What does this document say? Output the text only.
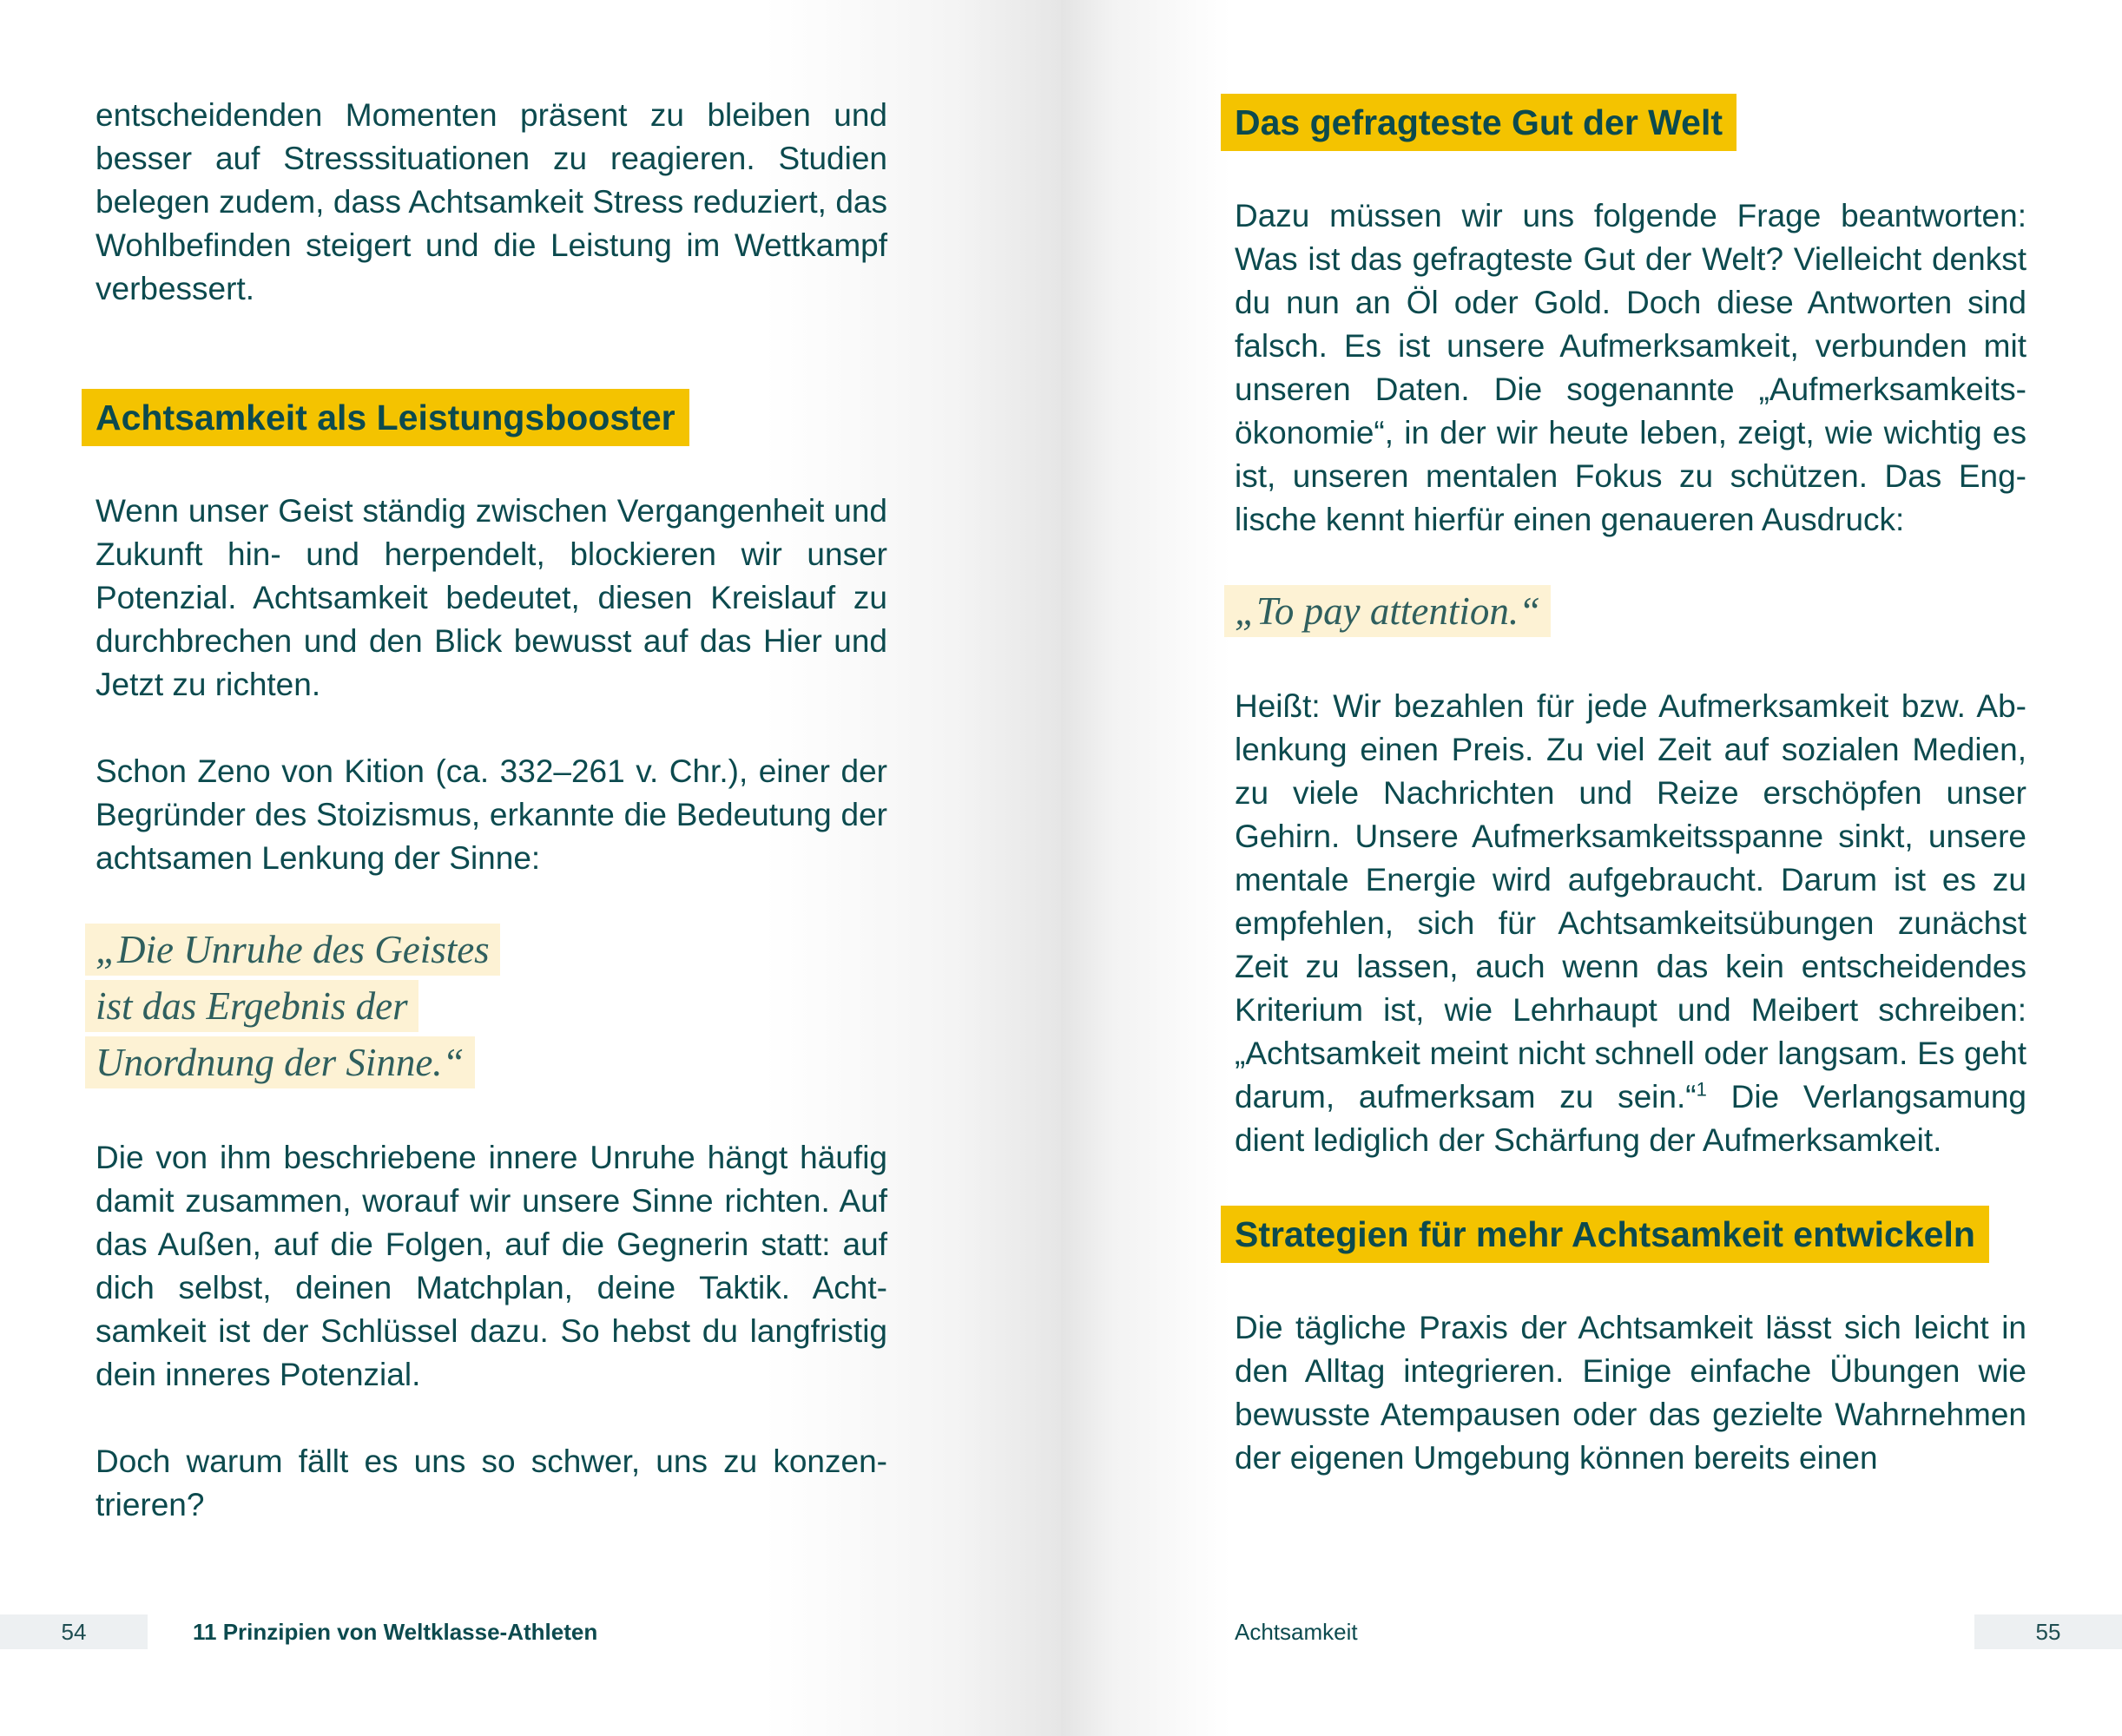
entscheidenden Momenten präsent zu bleiben und besser auf Stresssituationen zu reagieren. Studien belegen zudem, dass Achtsamkeit Stress reduziert, das Wohlbefinden steigert und die Leistung im Wettkampf verbessert.

Achtsamkeit als Leistungsbooster

Wenn unser Geist ständig zwischen Vergangenheit und Zukunft hin- und herpendelt, blockieren wir unser Potenzial. Achtsamkeit bedeutet, diesen Kreislauf zu durchbrechen und den Blick bewusst auf das Hier und Jetzt zu richten.

Schon Zeno von Kition (ca. 332–261 v. Chr.), einer der Begründer des Stoizismus, erkannte die Bedeutung der achtsamen Lenkung der Sinne:

„Die Unruhe des Geistes
ist das Ergebnis der
Unordnung der Sinne.“

Die von ihm beschriebene innere Unruhe hängt häufig damit zusammen, worauf wir unsere Sinne richten. Auf das Außen, auf die Folgen, auf die Gegnerin statt: auf dich selbst, deinen Matchplan, deine Taktik. Achtsamkeit ist der Schlüssel dazu. So hebst du langfristig dein inneres Potenzial.

Doch warum fällt es uns so schwer, uns zu konzentrieren?

54	11 Prinzipien von Weltklasse-Athleten
Das gefragteste Gut der Welt

Dazu müssen wir uns folgende Frage beantworten: Was ist das gefragteste Gut der Welt? Vielleicht denkst du nun an Öl oder Gold. Doch diese Antworten sind falsch. Es ist unsere Aufmerksamkeit, verbunden mit unseren Daten. Die sogenannte „Aufmerksamkeitsökonomie“, in der wir heute leben, zeigt, wie wichtig es ist, unseren mentalen Fokus zu schützen. Das Englische kennt hierfür einen genaueren Ausdruck:

„To pay attention.“

Heißt: Wir bezahlen für jede Aufmerksamkeit bzw. Ablenkung einen Preis. Zu viel Zeit auf sozialen Medien, zu viele Nachrichten und Reize erschöpfen unser Gehirn. Unsere Aufmerksamkeitsspanne sinkt, unsere mentale Energie wird aufgebraucht. Darum ist es zu empfehlen, sich für Achtsamkeitsübungen zunächst Zeit zu lassen, auch wenn das kein entscheidendes Kriterium ist, wie Lehrhaupt und Meibert schreiben: „Achtsamkeit meint nicht schnell oder langsam. Es geht darum, aufmerksam zu sein.“$^1$ Die Verlangsamung dient lediglich der Schärfung der Aufmerksamkeit.

Strategien für mehr Achtsamkeit entwickeln

Die tägliche Praxis der Achtsamkeit lässt sich leicht in den Alltag integrieren. Einige einfache Übungen wie bewusste Atempausen oder das gezielte Wahrnehmen der eigenen Umgebung können bereits einen

Achtsamkeit	55
